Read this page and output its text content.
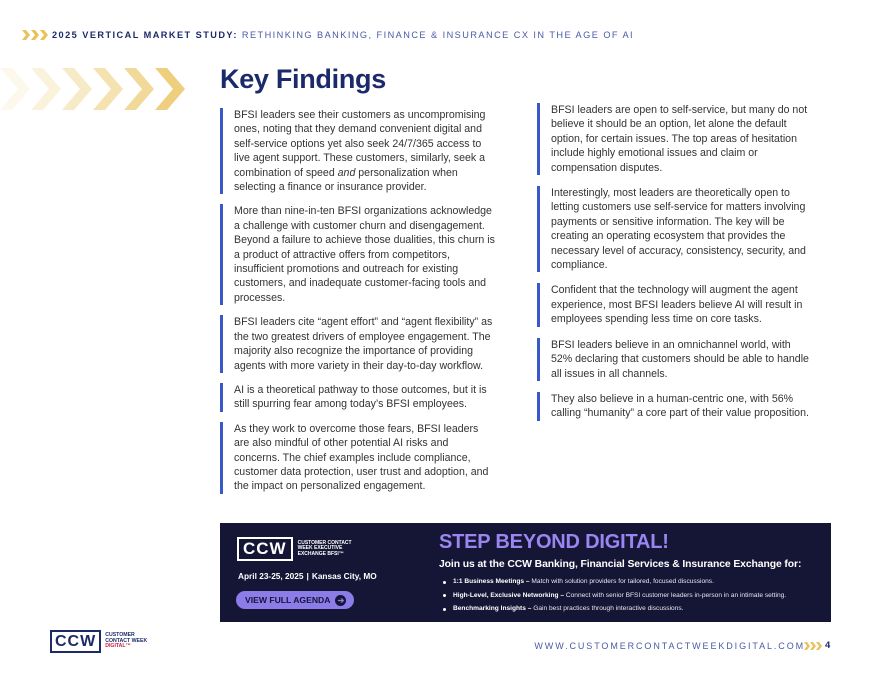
2025 VERTICAL MARKET STUDY: RETHINKING BANKING, FINANCE & INSURANCE CX IN THE AGE OF AI
Key Findings

BFSI leaders see their customers as uncompromising ones, noting that they demand convenient digital and self-service options yet also seek 24/7/365 access to live agent support. These customers, similarly, seek a combination of speed and personalization when selecting a finance or insurance provider.

More than nine-in-ten BFSI organizations acknowledge a challenge with customer churn and disengagement. Beyond a failure to achieve those dualities, this churn is a product of attractive offers from competitors, insufficient promotions and outreach for existing customers, and inadequate customer-facing tools and processes.

BFSI leaders cite “agent effort” and “agent flexibility” as the two greatest drivers of employee engagement. The majority also recognize the importance of providing agents with more variety in their day-to-day workflow.

AI is a theoretical pathway to those outcomes, but it is still spurring fear among today’s BFSI employees.

As they work to overcome those fears, BFSI leaders are also mindful of other potential AI risks and concerns. The chief examples include compliance, customer data protection, user trust and adoption, and the impact on personalized engagement.

BFSI leaders are open to self-service, but many do not believe it should be an option, let alone the default option, for certain issues. The top areas of hesitation include highly emotional issues and claim or compensation disputes.

Interestingly, most leaders are theoretically open to letting customers use self-service for matters involving payments or sensitive information. The key will be creating an operating ecosystem that provides the necessary level of accuracy, consistency, security, and compliance.

Confident that the technology will augment the agent experience, most BFSI leaders believe AI will result in employees spending less time on core tasks.

BFSI leaders believe in an omnichannel world, with 52% declaring that customers should be able to handle all issues in all channels.

They also believe in a human-centric one, with 56% calling “humanity” a core part of their value proposition.

CCW	CUSTOMER CONTACT WEEK EXECUTIVE EXCHANGE BFSI™
April 23-25, 2025 | Kansas City, MO
VIEW FULL AGENDA ➔
STEP BEYOND DIGITAL!
Join us at the CCW Banking, Financial Services & Insurance Exchange for:
1:1 Business Meetings – Match with solution providers for tailored, focused discussions.
High-Level, Exclusive Networking – Connect with senior BFSI customer leaders in-person in an intimate setting.
Benchmarking Insights – Gain best practices through interactive discussions.
CCW	CUSTOMER
CONTACT WEEK
DIGITAL™	WWW.CUSTOMERCONTACTWEEKDIGITAL.COM 4
